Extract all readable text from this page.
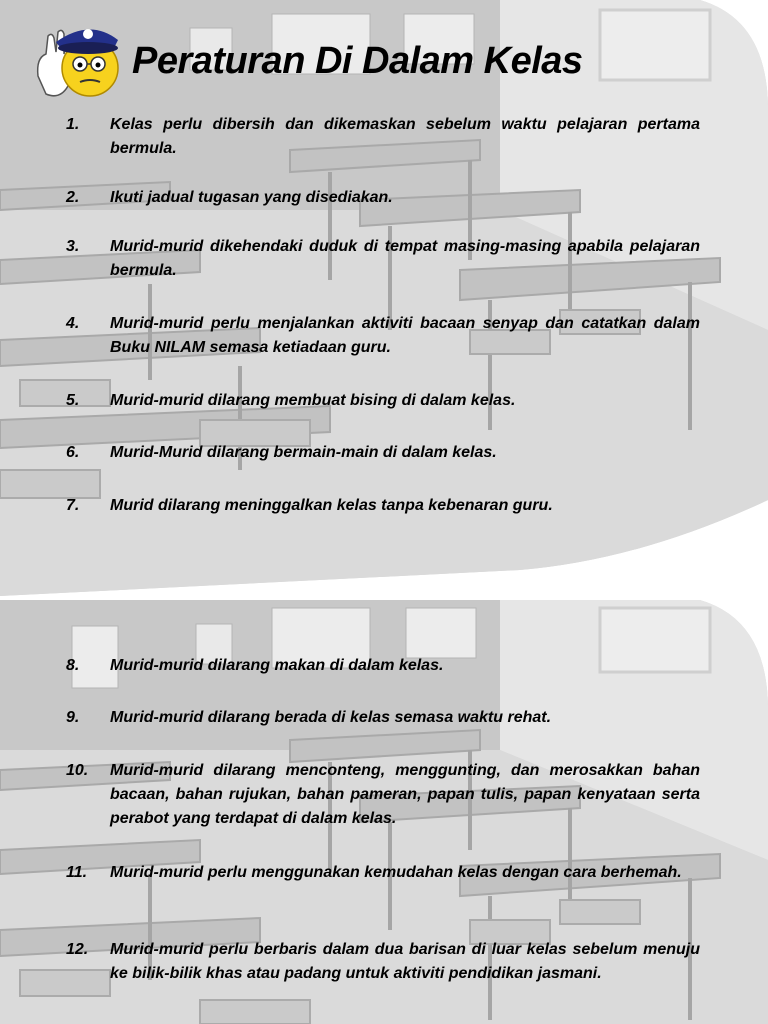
Peraturan Di Dalam Kelas
1.	Kelas perlu dibersih dan dikemaskan sebelum waktu pelajaran pertama bermula.
2.	Ikuti jadual tugasan yang disediakan.
3.	Murid-murid dikehendaki duduk di tempat masing-masing apabila pelajaran bermula.
4.	Murid-murid perlu menjalankan aktiviti bacaan senyap dan catatkan dalam Buku NILAM semasa ketiadaan guru.
5.	Murid-murid dilarang membuat bising di dalam kelas.
6.	Murid-Murid dilarang bermain-main di dalam kelas.
7.	Murid dilarang meninggalkan kelas tanpa kebenaran guru.
8.	Murid-murid dilarang makan di dalam kelas.
9.	Murid-murid dilarang berada di kelas semasa waktu rehat.
10.	Murid-murid dilarang menconteng, menggunting, dan merosakkan bahan bacaan, bahan rujukan, bahan pameran, papan tulis, papan kenyataan serta perabot yang terdapat di dalam kelas.
11.	Murid-murid perlu menggunakan kemudahan kelas dengan cara berhemah.
12.	Murid-murid perlu berbaris dalam dua barisan di luar kelas sebelum menuju ke bilik-bilik khas atau padang untuk aktiviti pendidikan jasmani.
